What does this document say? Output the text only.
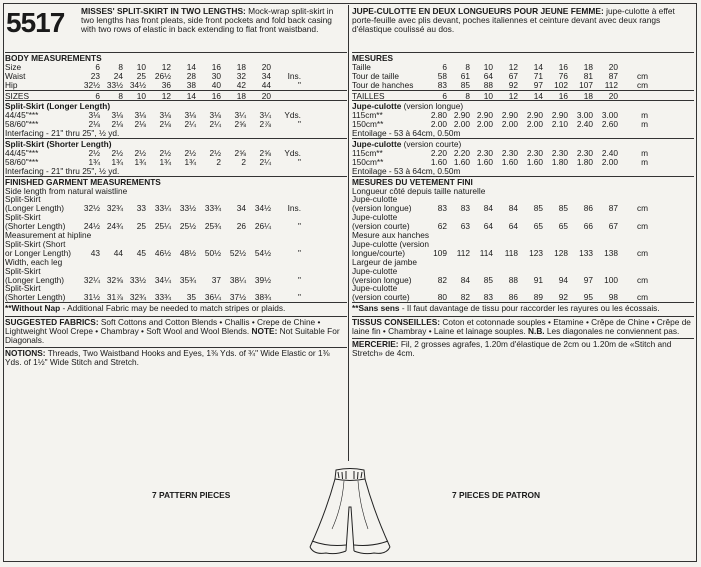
5517 MISSES' SPLIT-SKIRT IN TWO LENGTHS: Mock-wrap split-skirt in two lengths has front pleats, side front pockets and fold back casing with two rows of elastic in back extending to flat front waistband.
BODY MEASUREMENTS
Size	6	8	10	12	14	16	18	20
Waist	23	24	25	26½	28	30	32	34	Ins.
Hip	32½ 33½ 34½	36	38	40	42	44	"
SIZES	6	8	10	12	14	16	18	20
Split-Skirt (Longer Length)
44/45"***	3⅛	3⅛	3⅛	3⅛	3⅛	3⅛	3¼	3¼	Yds.
58/60"***	2⅛	2⅛	2⅛	2⅛	2¼	2¼	2⅝	2⅞	"
Interfacing - 21" thru 25", ½ yd.
Split-Skirt (Shorter Length)
44/45"***	2½	2½	2½	2½	2½	2½	2⅝	2⅝	Yds.
58/60"***	1¾	1¾	1¾	1¾	1¾	2	2	2¼	"
Interfacing - 21" thru 25", ½ yd.
FINISHED GARMENT MEASUREMENTS
Side length from natural waistline
Split-Skirt
(Longer Length)	32½ 32¾	33	33¼	33½	33¾	34	34½	Ins.
Split-Skirt
(Shorter Length)	24½ 24¾	25	25¼	25½	25¾	26	26¼	"
Measurement at hipline
Split-Skirt (Short
or Longer Length)	43	44	45	46½	48½	50½	52½	54½	"
Width, each leg
Split-Skirt
(Longer Length)	32¼ 32⅝ 33½	34¼	35¾	37	38¼	39½	"
Split-Skirt
(Shorter Length)	31½ 31⅞ 32¾	33¾	35	36¼	37½	38¾	"
**Without Nap - Additional Fabric may be needed to match stripes or plaids.
SUGGESTED FABRICS: Soft Cottons and Cotton Blends • Challis • Crepe de Chine • Lightweight Wool Crepe • Chambray • Soft Wool and Wool Blends. NOTE: Not Suitable For Diagonals.
NOTIONS: Threads, Two Waistband Hooks and Eyes, 1⅜ Yds. of ¾" Wide Elastic or 1⅜ Yds. of 1½" Wide Stitch and Stretch.
JUPE-CULOTTE EN DEUX LONGUEURS POUR JEUNE FEMME: jupe-culotte à effet porte-feuille avec plis devant, poches italiennes et ceinture devant avec deux rangs d'élastique coulissé au dos.
MESURES
Taille	6	8	10	12	14	16	18	20
Tour de taille	58	61	64	67	71	76	81	87	cm
Tour de hanches	83	85	88	92	97	102	107	112	cm
TAILLES	6	8	10	12	14	16	18	20
Jupe-culotte (version longue)
115cm**	2.80 2.90 2.90	2.90	2.90	2.90	3.00	3.00	m
150cm**	2.00 2.00 2.00	2.00	2.00	2.10	2.40	2.60	m
Entoilage - 53 à 64cm, 0.50m
Jupe-culotte (version courte)
115cm**	2.20 2.20 2.30	2.30	2.30	2.30	2.30	2.40	m
150cm**	1.60 1.60 1.60	1.60	1.60	1.80	1.80	2.00	m
Entoilage - 53 à 64cm, 0.50m
MESURES DU VETEMENT FINI
Longueur côté depuis taille naturelle
Jupe-culotte
(version longue)	83	83	84	84	85	85	86	87	cm
Jupe-culotte
(version courte)	62	63	64	64	65	65	66	67	cm
Mesure aux hanches
Jupe-culotte (version
longue/courte)	109	112	114	118	123	128	133	138	cm
Largeur de jambe
Jupe-culotte
(version longue)	82	84	85	88	91	94	97	100	cm
Jupe-culotte
(version courte)	80	82	83	86	89	92	95	98	cm
**Sans sens - Il faut davantage de tissu pour raccorder les rayures ou les écossais.
TISSUS CONSEILLES: Coton et cotonnade souples • Etamine • Crêpe de Chine • Crêpe de laine fin • Chambray • Laine et lainage souples. N.B. Les diagonales ne conviennent pas.
MERCERIE: Fil, 2 grosses agrafes, 1.20m d'élastique de 2cm ou 1.20m de «Stitch and Stretch» de 4cm.
7 PATTERN PIECES	7 PIECES DE PATRON
